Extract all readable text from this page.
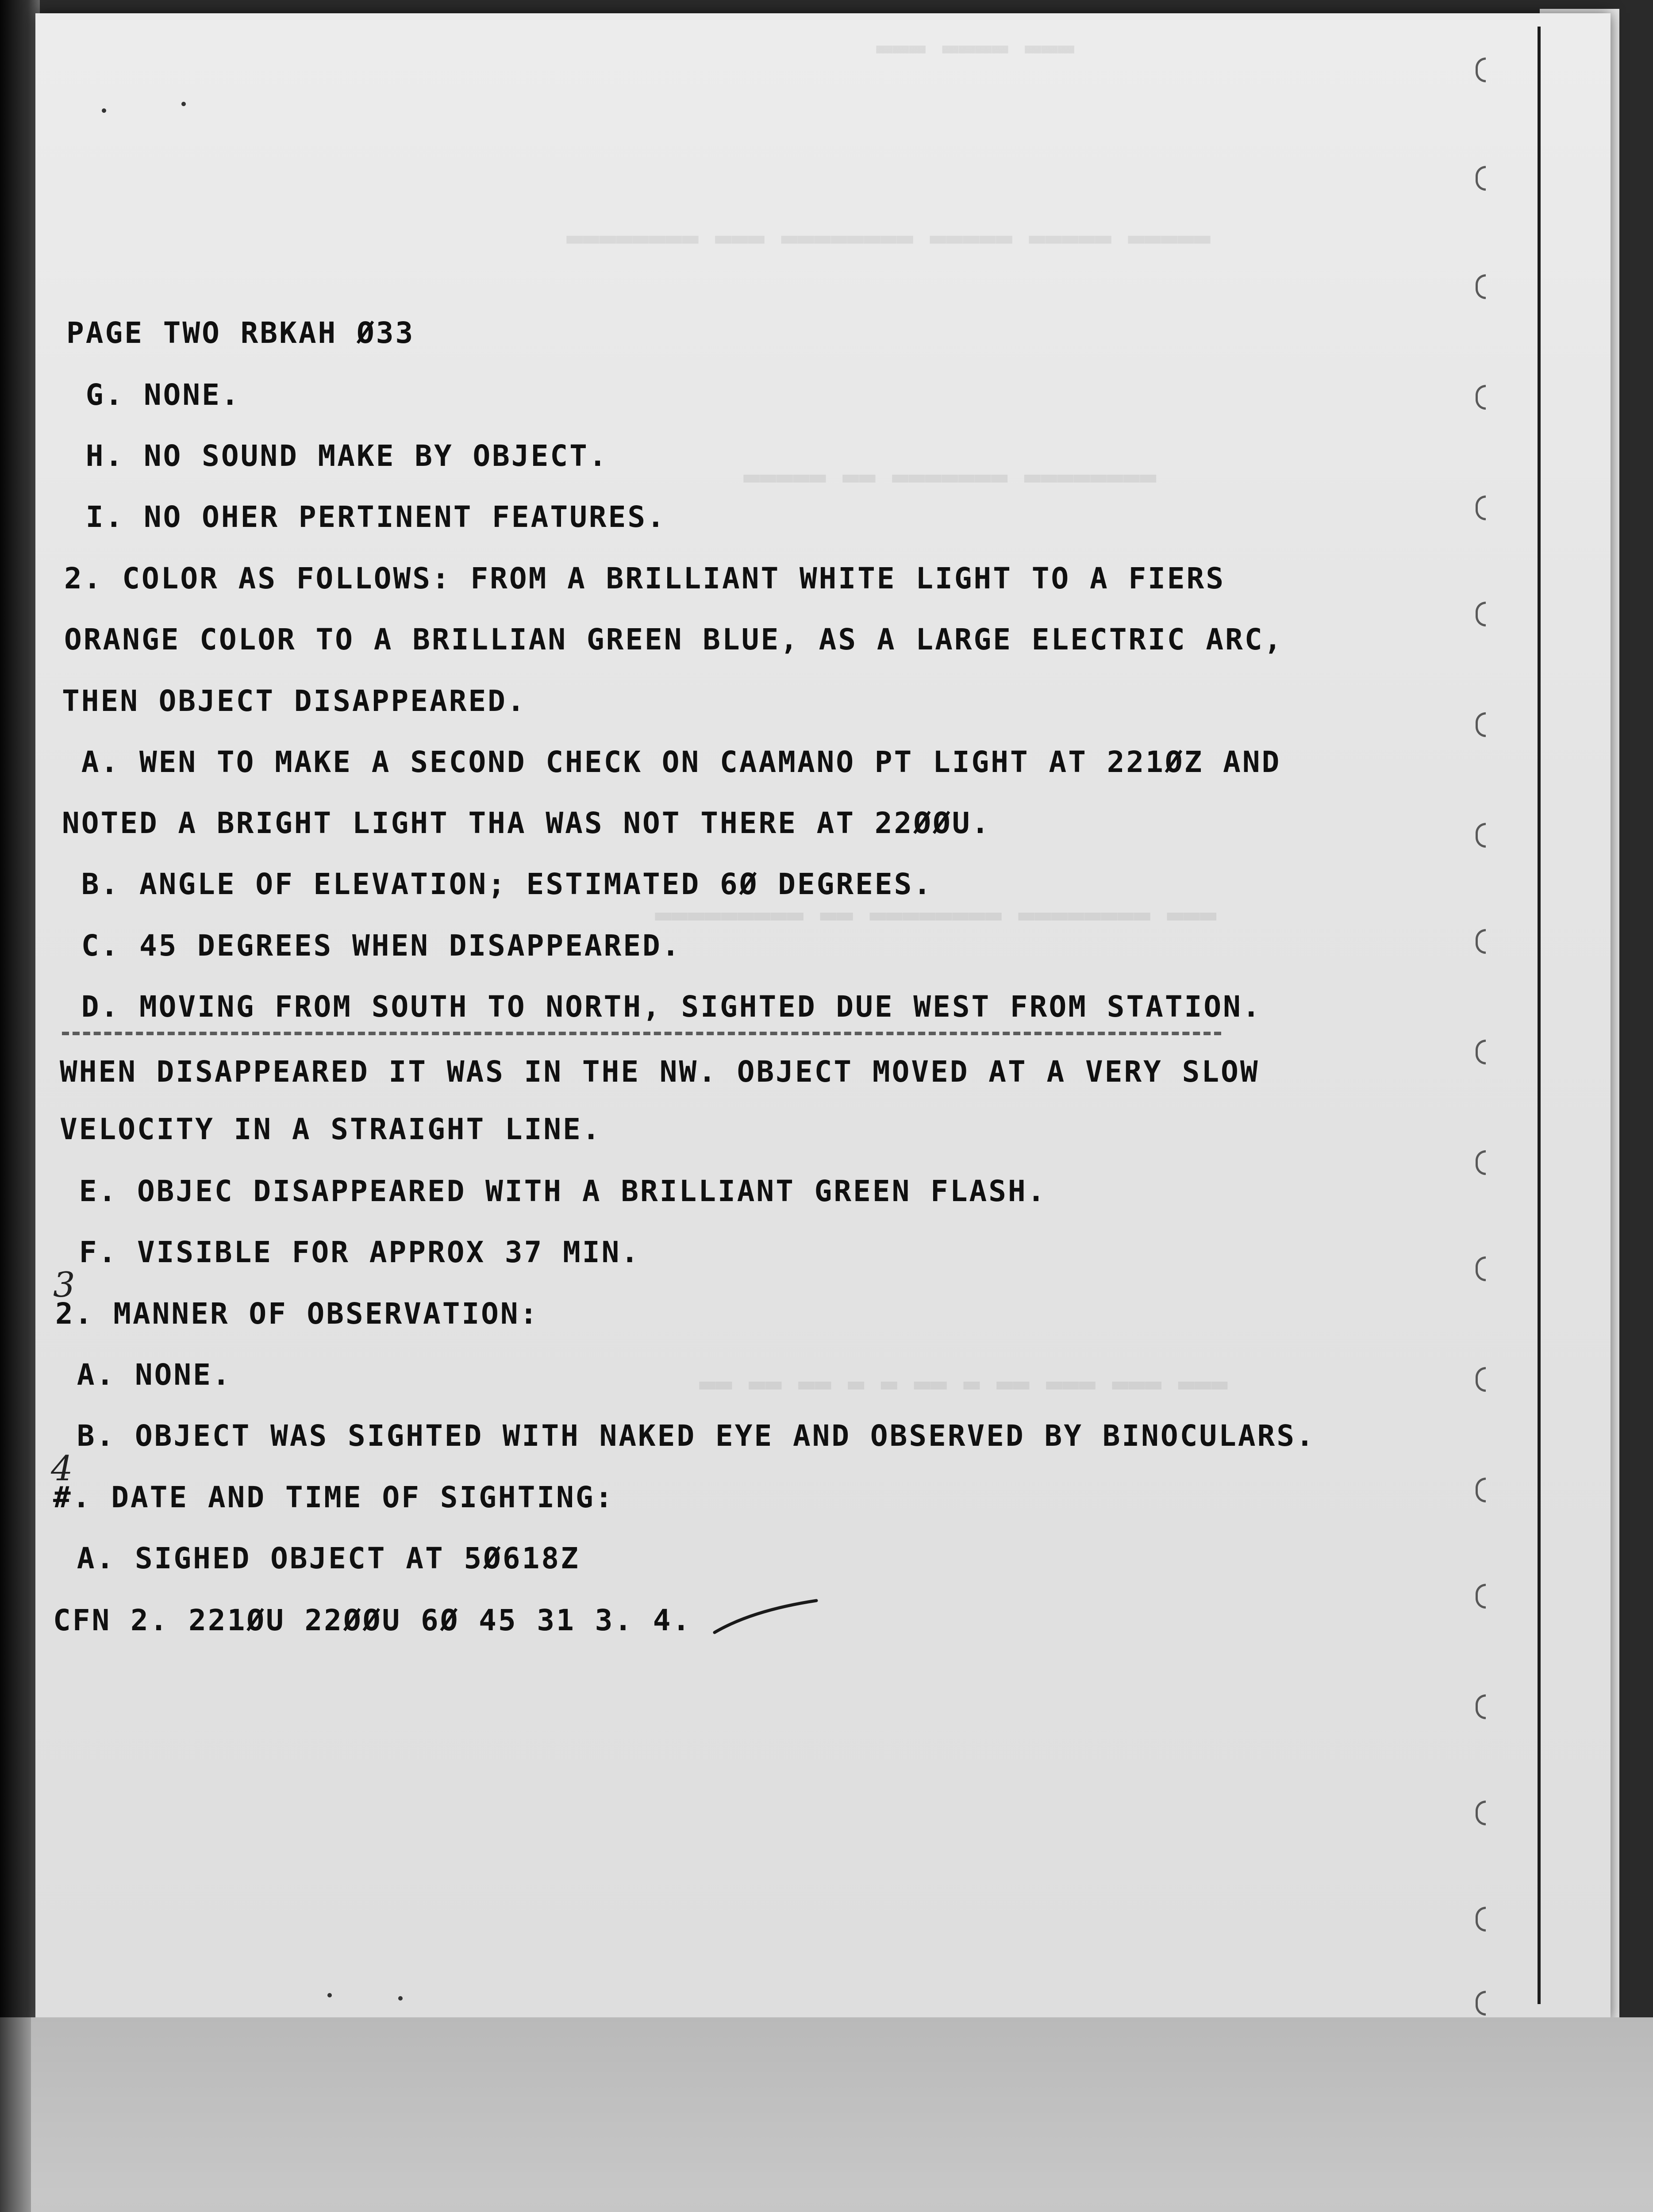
▬▬▬ ▬▬▬▬ ▬▬▬
▬▬▬▬▬ ▬▬▬▬▬ ▬▬▬▬▬ ▬▬▬▬▬▬▬▬ ▬▬▬ ▬▬▬▬▬▬▬▬
▬▬▬▬▬▬▬▬ ▬▬▬▬▬▬▬ ▬▬ ▬▬▬▬▬
▬▬▬ ▬▬▬▬▬▬▬▬ ▬▬▬▬▬▬▬▬ ▬▬ ▬▬▬▬▬▬▬▬▬
▬▬▬ ▬▬▬ ▬▬▬ ▬▬ ▬ ▬▬ ▬ ▬ ▬▬ ▬▬ ▬▬
PAGE TWO RBKAH Ø33
G. NONE.
H. NO SOUND MAKE BY OBJECT.
I. NO OHER PERTINENT FEATURES.
2. COLOR AS FOLLOWS: FROM A BRILLIANT WHITE LIGHT TO A FIERS
ORANGE COLOR TO A BRILLIAN GREEN BLUE, AS A LARGE ELECTRIC ARC,
THEN OBJECT DISAPPEARED.
A. WEN TO MAKE A SECOND CHECK ON CAAMANO PT LIGHT AT 221ØZ AND
NOTED A BRIGHT LIGHT THA WAS NOT THERE AT 22ØØU.
B. ANGLE OF ELEVATION; ESTIMATED 6Ø DEGREES.
C. 45 DEGREES WHEN DISAPPEARED.
D. MOVING FROM SOUTH TO NORTH, SIGHTED DUE WEST FROM STATION.
WHEN DISAPPEARED IT WAS IN THE NW. OBJECT MOVED AT A VERY SLOW
VELOCITY IN A STRAIGHT LINE.
E. OBJEC DISAPPEARED WITH A BRILLIANT GREEN FLASH.
F. VISIBLE FOR APPROX 37 MIN.
2. MANNER OF OBSERVATION:
A. NONE.
B. OBJECT WAS SIGHTED WITH NAKED EYE AND OBSERVED BY BINOCULARS.
#. DATE AND TIME OF SIGHTING:
A. SIGHED OBJECT AT 5Ø618Z
CFN 2. 221ØU 22ØØU 6Ø 45 31 3. 4.
3
4
